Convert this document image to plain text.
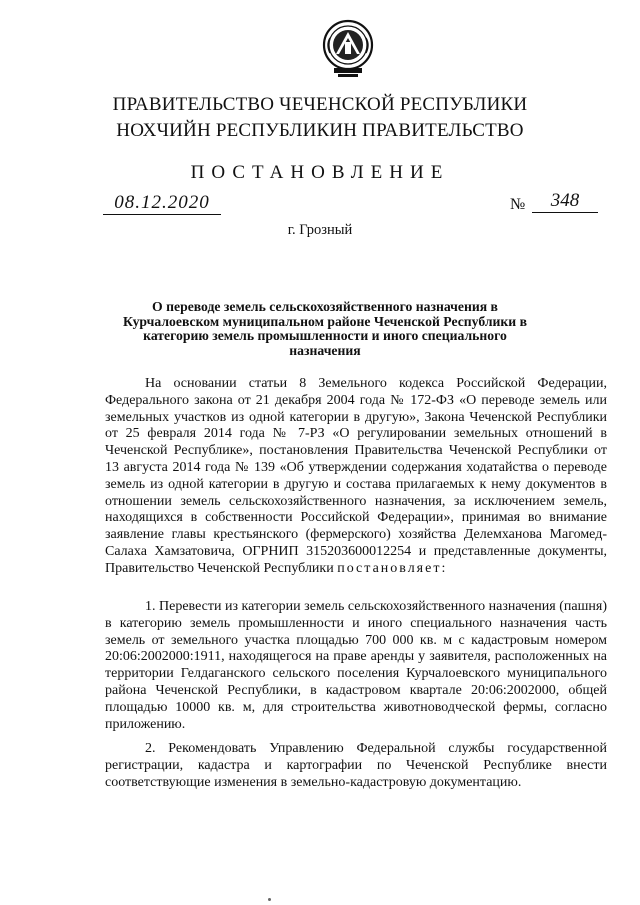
ПРАВИТЕЛЬСТВО ЧЕЧЕНСКОЙ РЕСПУБЛИКИ
НОХЧИЙН РЕСПУБЛИКИН ПРАВИТЕЛЬСТВО
ПОСТАНОВЛЕНИЕ
08.12.2020	№	348
г. Грозный
О переводе земель сельскохозяйственного назначения в Курчалоевском муниципальном районе Чеченской Республики в категорию земель промышленности и иного специального назначения

На основании статьи 8 Земельного кодекса Российской Федерации, Федерального закона от 21 декабря 2004 года № 172-ФЗ «О переводе земель или земельных участков из одной категории в другую», Закона Чеченской Республики от 25 февраля 2014 года № 7-РЗ «О регулировании земельных отношений в Чеченской Республике», постановления Правительства Чеченской Республики от 13 августа 2014 года № 139 «Об утверждении содержания ходатайства о переводе земель из одной категории в другую и состава прилагаемых к нему документов в отношении земель сельскохозяйственного назначения, за исключением земель, находящихся в собственности Российской Федерации», принимая во внимание заявление главы крестьянского (фермерского) хозяйства Делемханова Магомед-Салаха Хамзатовича, ОГРНИП 315203600012254 и представленные документы, Правительство Чеченской Республики постановляет:

1. Перевести из категории земель сельскохозяйственного назначения (пашня) в категорию земель промышленности и иного специального назначения часть земель от земельного участка площадью 700 000 кв. м с кадастровым номером 20:06:2002000:1911, находящегося на праве аренды у заявителя, расположенных на территории Гелдаганского сельского поселения Курчалоевского муниципального района Чеченской Республики, в кадастровом квартале 20:06:2002000, общей площадью 10000 кв. м, для строительства животноводческой фермы, согласно приложению.

2. Рекомендовать Управлению Федеральной службы государственной регистрации, кадастра и картографии по Чеченской Республике внести соответствующие изменения в земельно-кадастровую документацию.
